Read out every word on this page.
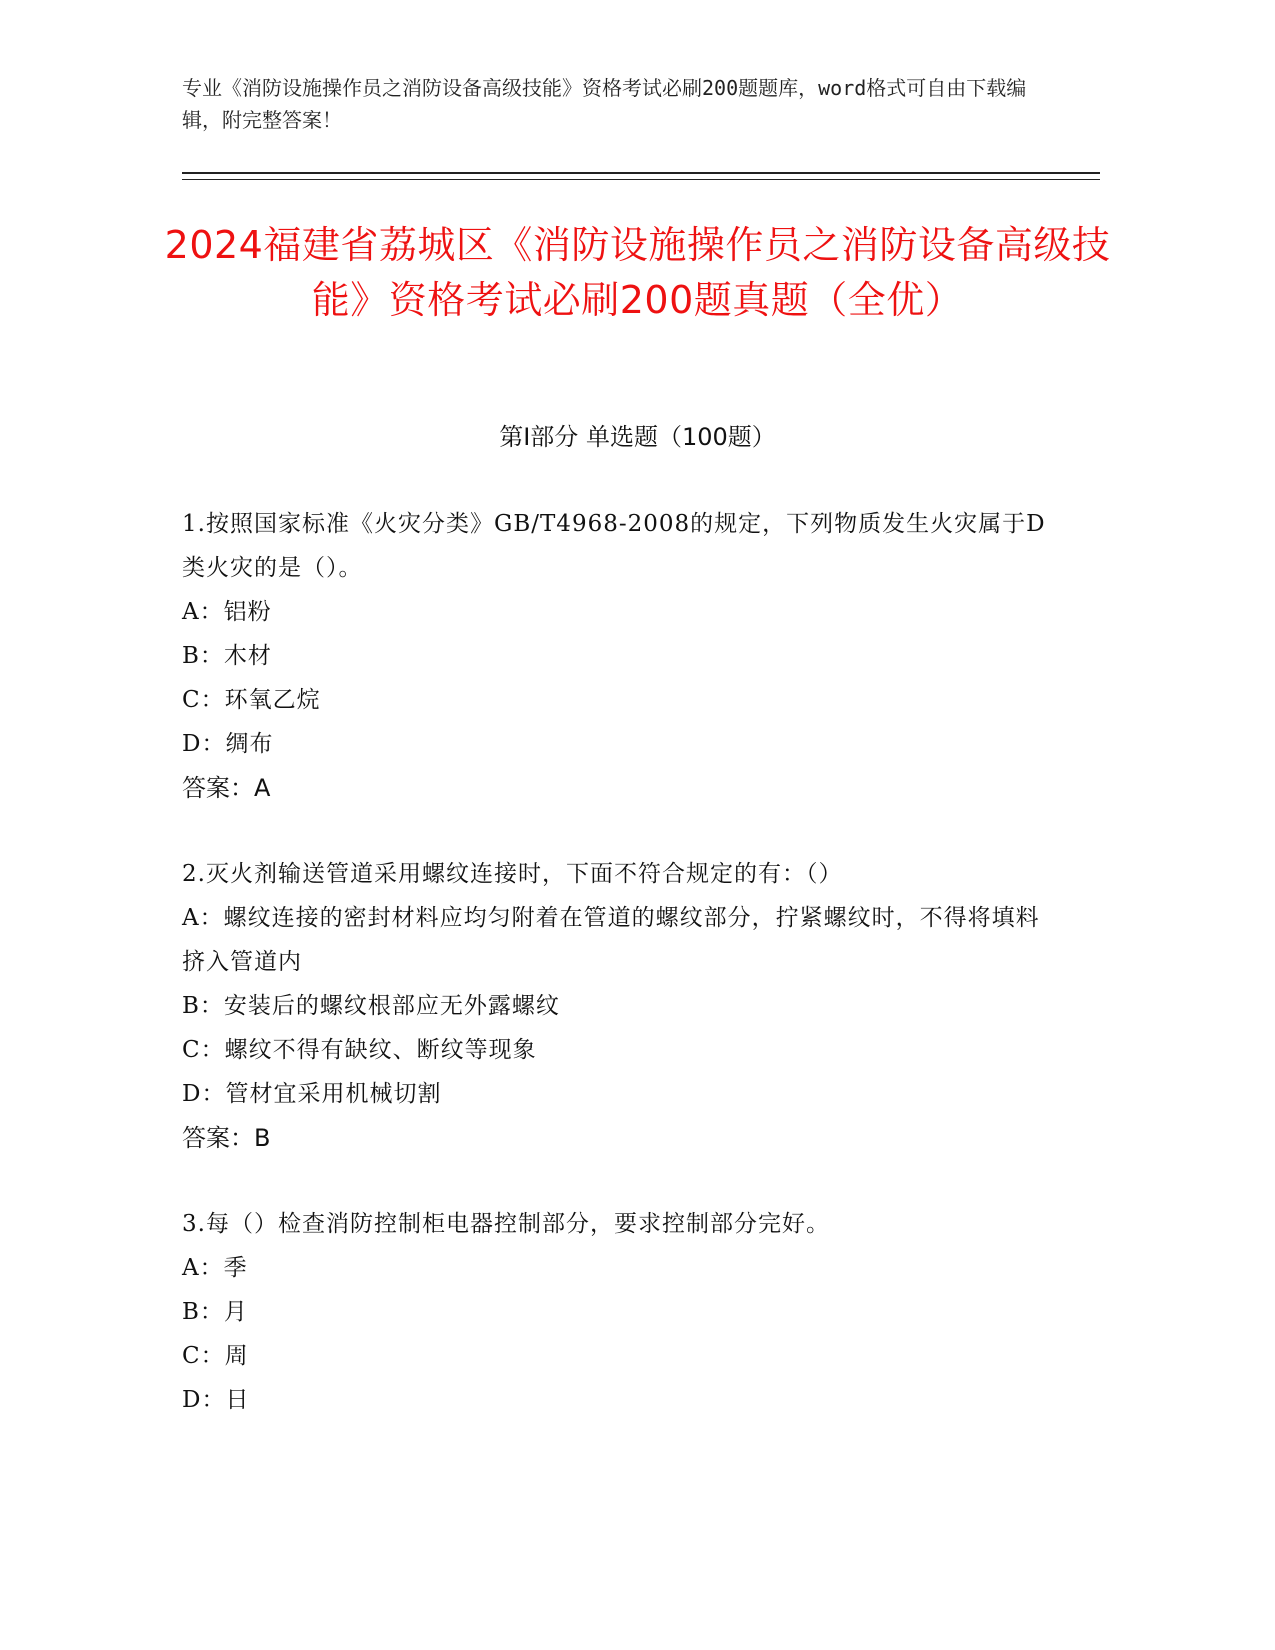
专业《消防设施操作员之消防设备高级技能》资格考试必刷200题题库，word格式可自由下载编辑，附完整答案！
2024福建省荔城区《消防设施操作员之消防设备高级技能》资格考试必刷200题真题（全优）
第Ⅰ部分 单选题（100题）
1.按照国家标准《火灾分类》GB/T4968-2008的规定，下列物质发生火灾属于D类火灾的是（）。
A：铝粉
B：木材
C：环氧乙烷
D：绸布
答案：A
2.灭火剂输送管道采用螺纹连接时，下面不符合规定的有：（）
A：螺纹连接的密封材料应均匀附着在管道的螺纹部分，拧紧螺纹时，不得将填料挤入管道内
B：安装后的螺纹根部应无外露螺纹
C：螺纹不得有缺纹、断纹等现象
D：管材宜采用机械切割
答案：B
3.每（）检查消防控制柜电器控制部分，要求控制部分完好。
A：季
B：月
C：周
D：日
